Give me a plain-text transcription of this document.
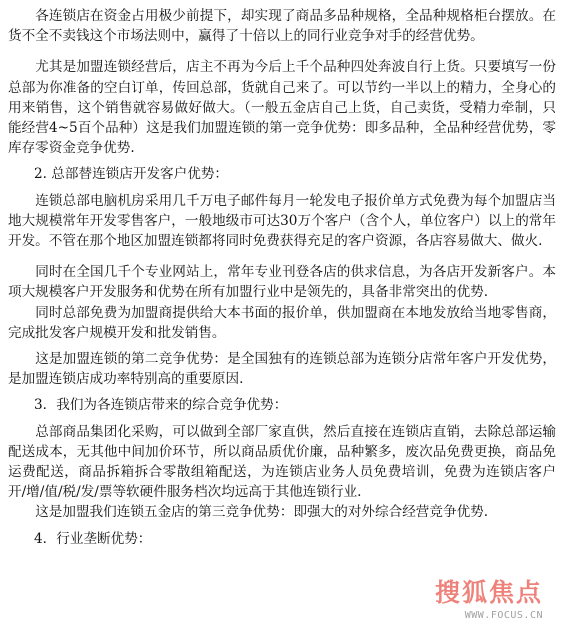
各连锁店在资金占用极少前提下，却实现了商品多品种规格，全品种规格柜台摆放。在货不全不卖钱这个市场法则中，赢得了十倍以上的同行业竞争对手的经营优势。

尤其是加盟连锁经营后，店主不再为今后上千个品种四处奔波自行上货。只要填写一份总部为你准备的空白订单，传回总部，货就自己来了。可以节约一半以上的精力，全身心的用来销售，这个销售就容易做好做大。（一般五金店自己上货，自己卖货，受精力牵制，只能经营4~5百个品种）这是我们加盟连锁的第一竞争优势：即多品种，全品种经营优势，零库存零资金竞争优势.

2. 总部替连锁店开发客户优势：

连锁总部电脑机房采用几千万电子邮件每月一轮发电子报价单方式免费为每个加盟店当地大规模常年开发零售客户，一般地级市可达30万个客户（含个人，单位客户）以上的常年开发。不管在那个地区加盟连锁都将同时免费获得充足的客户资源，各店容易做大、做火.

同时在全国几千个专业网站上，常年专业刊登各店的供求信息，为各店开发新客户。本项大规模客户开发服务和优势在所有加盟行业中是领先的，具备非常突出的优势.

同时总部免费为加盟商提供给大本书面的报价单，供加盟商在本地发放给当地零售商，完成批发客户规模开发和批发销售。

这是加盟连锁的第二竞争优势：是全国独有的连锁总部为连锁分店常年客户开发优势，是加盟连锁店成功率特别高的重要原因.

3．我们为各连锁店带来的综合竞争优势：

总部商品集团化采购，可以做到全部厂家直供，然后直接在连锁店直销，去除总部运输配送成本，无其他中间加价环节，所以商品质优价廉，品种繁多，废次品免费更换，商品免运费配送，商品拆箱拆合零散组箱配送，为连锁店业务人员免费培训，免费为连锁店客户开/增/值/税/发/票等软硬件服务档次均远高于其他连锁行业.

这是加盟我们连锁五金店的第三竞争优势：即强大的对外综合经营竞争优势.

4．行业垄断优势：

搜狐焦点
WWW.FOCUS.CN
